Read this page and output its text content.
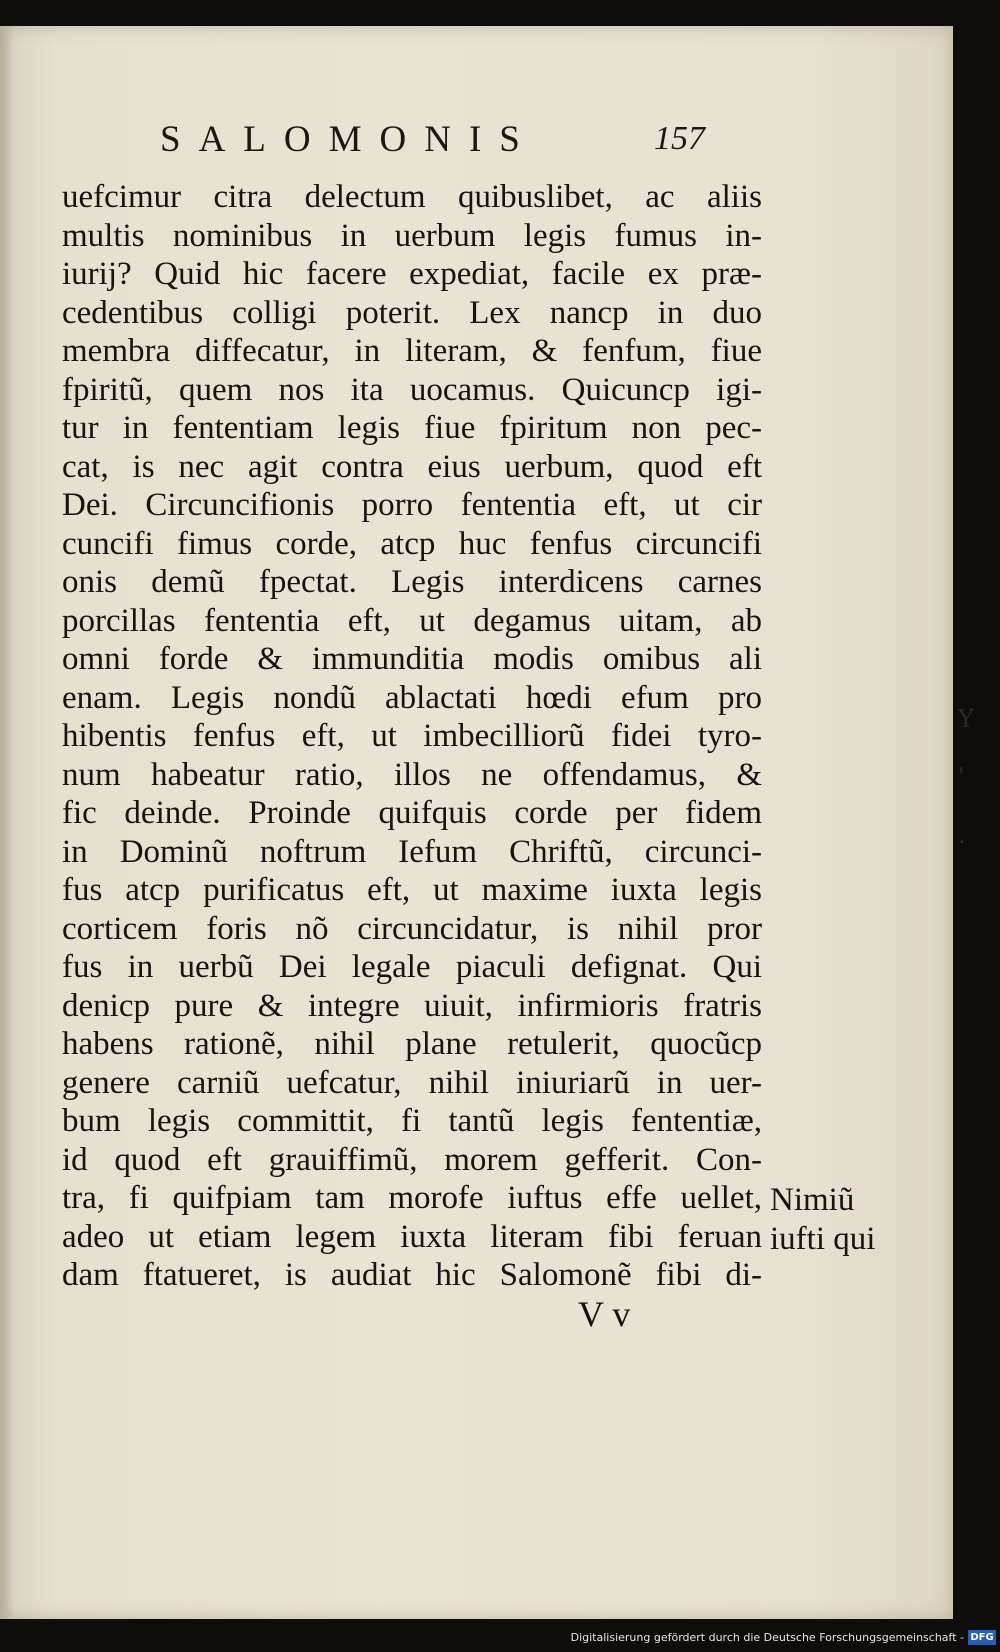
SALOMONIS	157
uefcimur citra delectum quibuslibet, ac aliis
multis nominibus in uerbum legis fumus in-
iurij? Quid hic facere expediat, facile ex præ-
cedentibus colligi poterit. Lex nancp in duo
membra diffecatur, in literam, & fenfum, fiue
fpiritũ, quem nos ita uocamus. Quicuncp igi-
tur in fententiam legis fiue fpiritum non pec-
cat, is nec agit contra eius uerbum, quod eft
Dei. Circuncifionis porro fententia eft, ut cir
cuncifi fimus corde, atcp huc fenfus circuncifi
onis demũ fpectat. Legis interdicens carnes
porcillas fententia eft, ut degamus uitam, ab
omni forde & immunditia modis omibus ali
enam. Legis nondũ ablactati hœdi efum pro
hibentis fenfus eft, ut imbecilliorũ fidei tyro-
num habeatur ratio, illos ne offendamus, &
fic deinde. Proinde quifquis corde per fidem
in Dominũ noftrum Iefum Chriftũ, circunci-
fus atcp purificatus eft, ut maxime iuxta legis
corticem foris nõ circuncidatur, is nihil pror
fus in uerbũ Dei legale piaculi defignat. Qui
denicp pure & integre uiuit, infirmioris fratris
habens rationẽ, nihil plane retulerit, quocũcp
genere carniũ uefcatur, nihil iniuriarũ in uer-
bum legis committit, fi tantũ legis fententiæ,
id quod eft grauiffimũ, morem gefferit. Con-
tra, fi quifpiam tam morofe iuftus effe uellet,
adeo ut etiam legem iuxta literam fibi feruan
dam ftatueret, is audiat hic Salomonẽ fibi di-
Nimiũ
iufti qui
V v
Y
'
.
Digitalisierung gefördert durch die Deutsche Forschungsgemeinschaft - DFG
